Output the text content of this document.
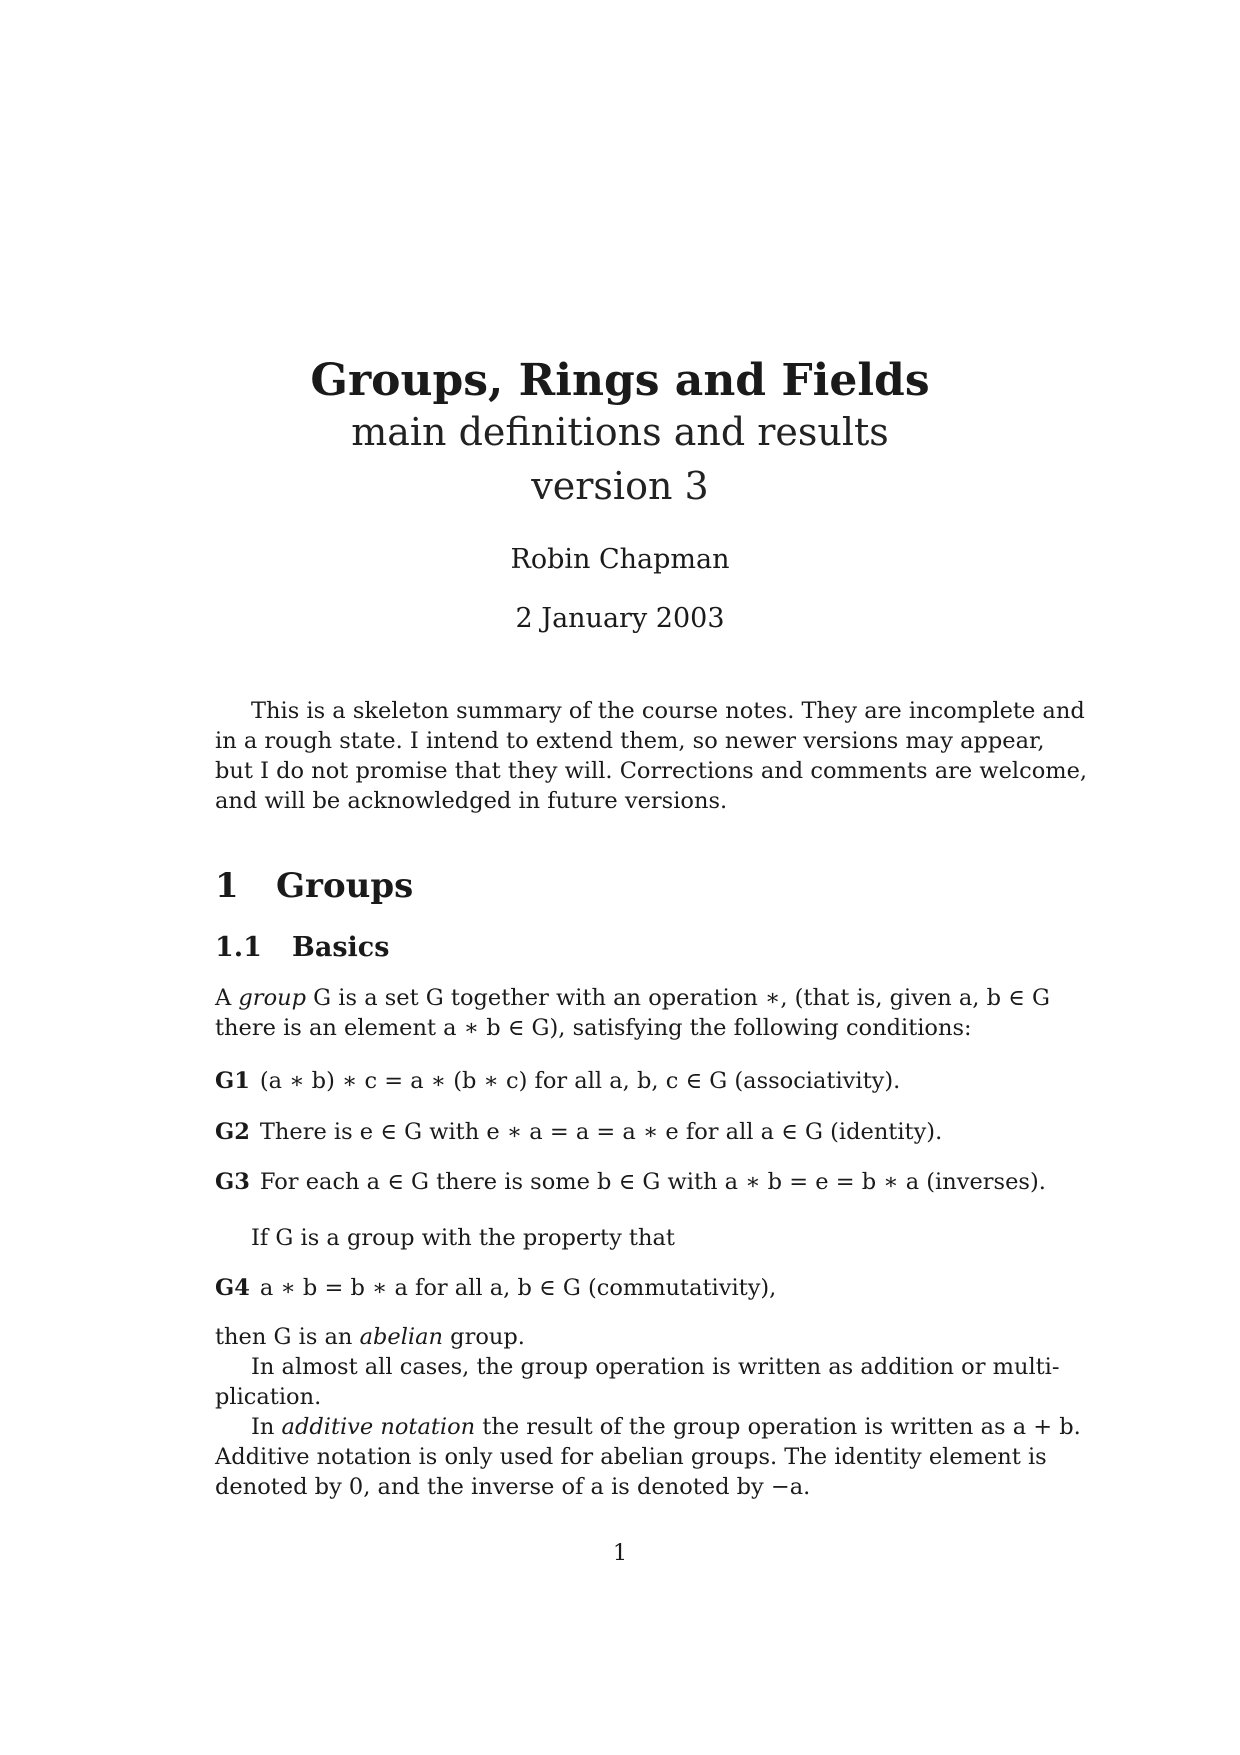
Groups, Rings and Fields
main definitions and results
version 3
Robin Chapman
2 January 2003
This is a skeleton summary of the course notes. They are incomplete and
in a rough state. I intend to extend them, so newer versions may appear,
but I do not promise that they will. Corrections and comments are welcome,
and will be acknowledged in future versions.
1 Groups
1.1 Basics
A group G is a set G together with an operation ∗, (that is, given a, b ∈ G
there is an element a ∗ b ∈ G), satisfying the following conditions:
G1 (a ∗ b) ∗ c = a ∗ (b ∗ c) for all a, b, c ∈ G (associativity).
G2 There is e ∈ G with e ∗ a = a = a ∗ e for all a ∈ G (identity).
G3 For each a ∈ G there is some b ∈ G with a ∗ b = e = b ∗ a (inverses).
If G is a group with the property that
G4 a ∗ b = b ∗ a for all a, b ∈ G (commutativity),
then G is an abelian group.
In almost all cases, the group operation is written as addition or multi-
plication.
In additive notation the result of the group operation is written as a + b.
Additive notation is only used for abelian groups. The identity element is
denoted by 0, and the inverse of a is denoted by −a.
1
